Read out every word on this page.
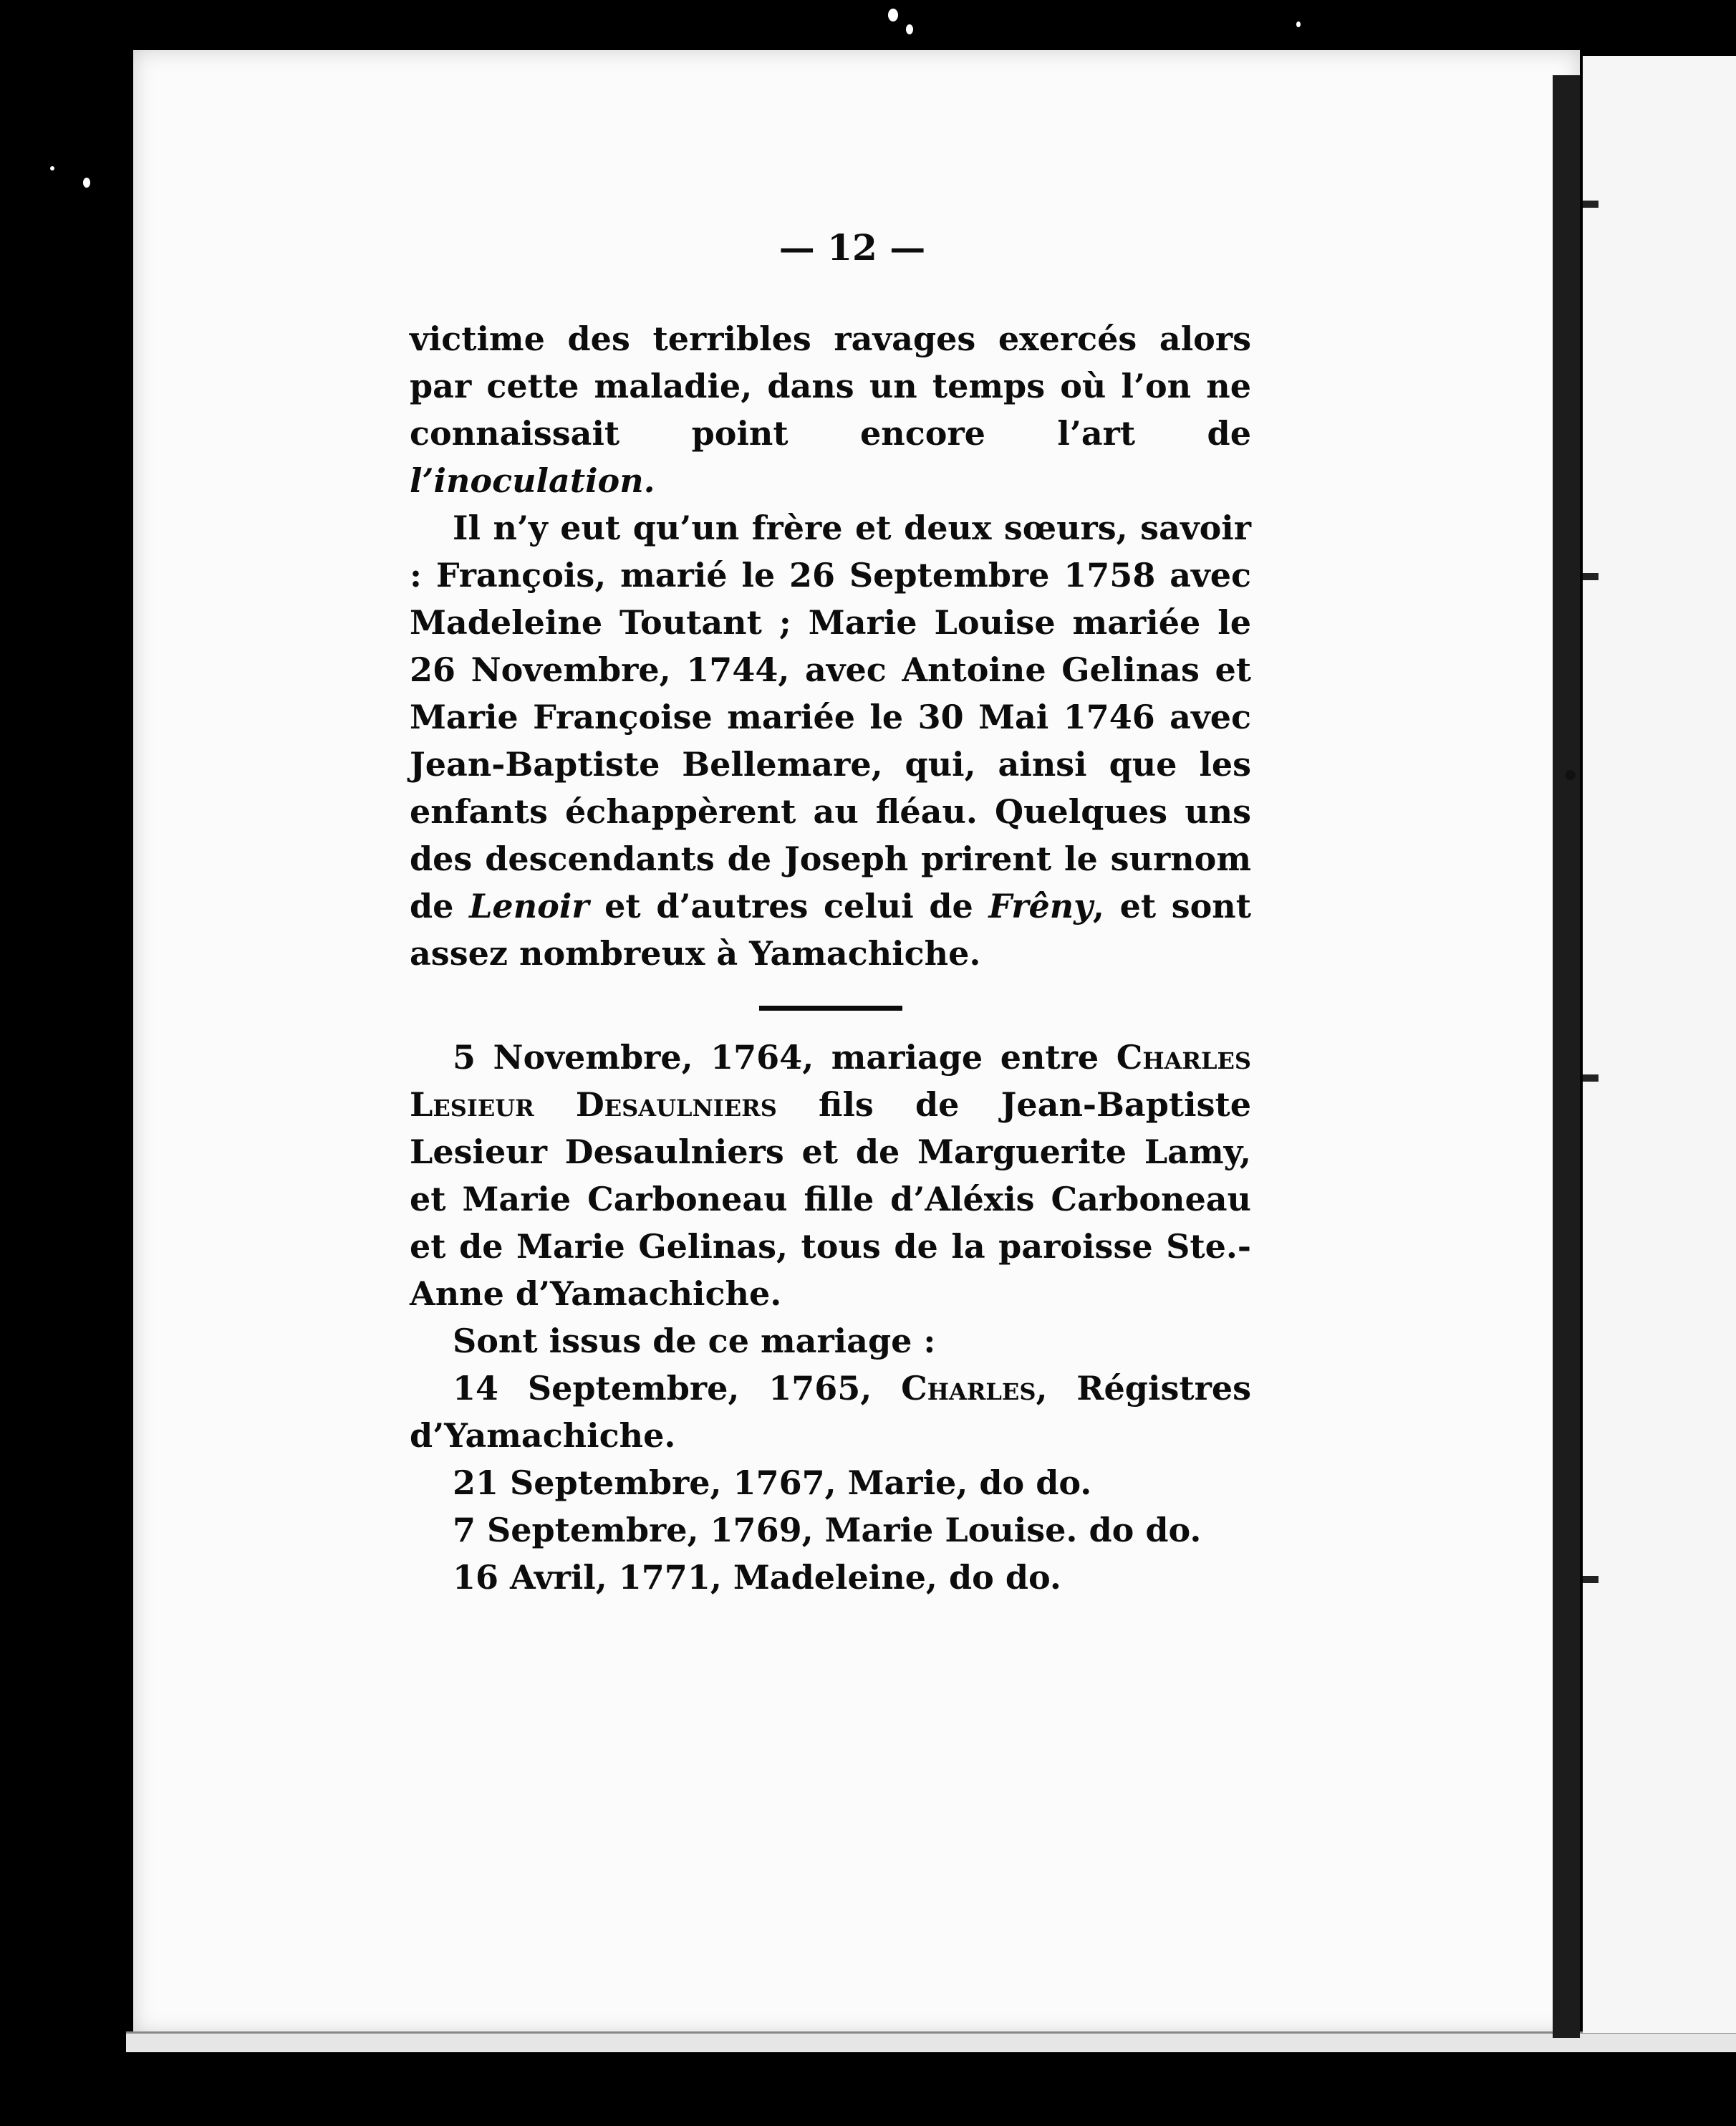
— 12 —

victime des terribles ravages exercés alors par cette maladie, dans un temps où l’on ne connaissait point encore l’art de l’inoculation.

Il n’y eut qu’un frère et deux sœurs, savoir : François, marié le 26 Septembre 1758 avec Madeleine Toutant ; Marie Louise mariée le 26 Novembre, 1744, avec Antoine Gelinas et Marie Françoise mariée le 30 Mai 1746 avec Jean-Baptiste Bellemare, qui, ainsi que les enfants échappèrent au fléau. Quelques uns des descendants de Joseph prirent le surnom de Lenoir et d’autres celui de Frêny, et sont assez nombreux à Yamachiche.

5 Novembre, 1764, mariage entre Charles Lesieur Desaulniers fils de Jean-Baptiste Lesieur Desaulniers et de Marguerite Lamy, et Marie Carboneau fille d’Aléxis Carboneau et de Marie Gelinas, tous de la paroisse Ste.-Anne d’Yamachiche.

Sont issus de ce mariage :

14 Septembre, 1765, Charles, Régistres d’Yamachiche.

21 Septembre, 1767, Marie, do do.

7 Septembre, 1769, Marie Louise. do do.

16 Avril, 1771, Madeleine, do do.

•
